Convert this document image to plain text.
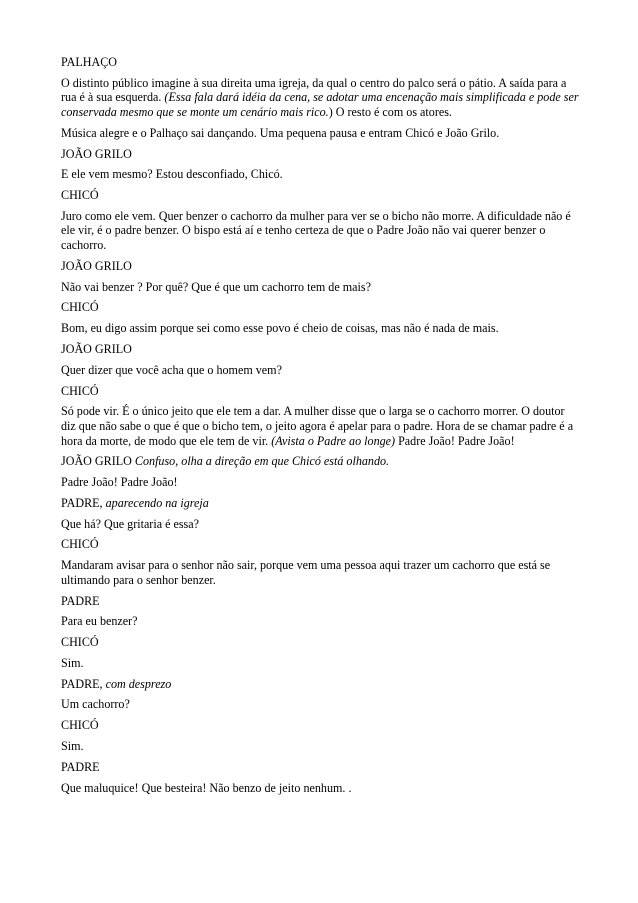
PALHAÇO

O distinto público imagine à sua direita uma igreja, da qual o centro do palco será o pátio. A saída para a rua é à sua esquerda. (Essa fala dará idéia da cena, se adotar uma encenação mais simplificada e pode ser conservada mesmo que se monte um cenário mais rico.) O resto é com os atores.

Música alegre e o Palhaço sai dançando. Uma pequena pausa e entram Chicó e João Grilo.

JOÃO GRILO

E ele vem mesmo? Estou desconfiado, Chicó.

CHICÓ

Juro como ele vem. Quer benzer o cachorro da mulher para ver se o bicho não morre. A dificuldade não é ele vir, é o padre benzer. O bispo está aí e tenho certeza de que o Padre João não vai querer benzer o cachorro.

JOÃO GRILO

Não vai benzer ? Por quê? Que é que um cachorro tem de mais?

CHICÓ

Bom, eu digo assim porque sei como esse povo é cheio de coisas, mas não é nada de mais.

JOÃO GRILO

Quer dizer que você acha que o homem vem?

CHICÓ

Só pode vir. É o único jeito que ele tem a dar. A mulher disse que o larga se o cachorro morrer. O doutor diz que não sabe o que é que o bicho tem, o jeito agora é apelar para o padre. Hora de se chamar padre é a hora da morte, de modo que ele tem de vir. (Avista o Padre ao longe) Padre João! Padre João!

JOÃO GRILO Confuso, olha a direção em que Chicó está olhando.

Padre João! Padre João!

PADRE, aparecendo na igreja

Que há? Que gritaria é essa?

CHICÓ

Mandaram avisar para o senhor não sair, porque vem uma pessoa aqui trazer um cachorro que está se ultimando para o senhor benzer.

PADRE

Para eu benzer?

CHICÓ

Sim.

PADRE, com desprezo

Um cachorro?

CHICÓ

Sim.

PADRE

Que maluquice! Que besteira! Não benzo de jeito nenhum. .
